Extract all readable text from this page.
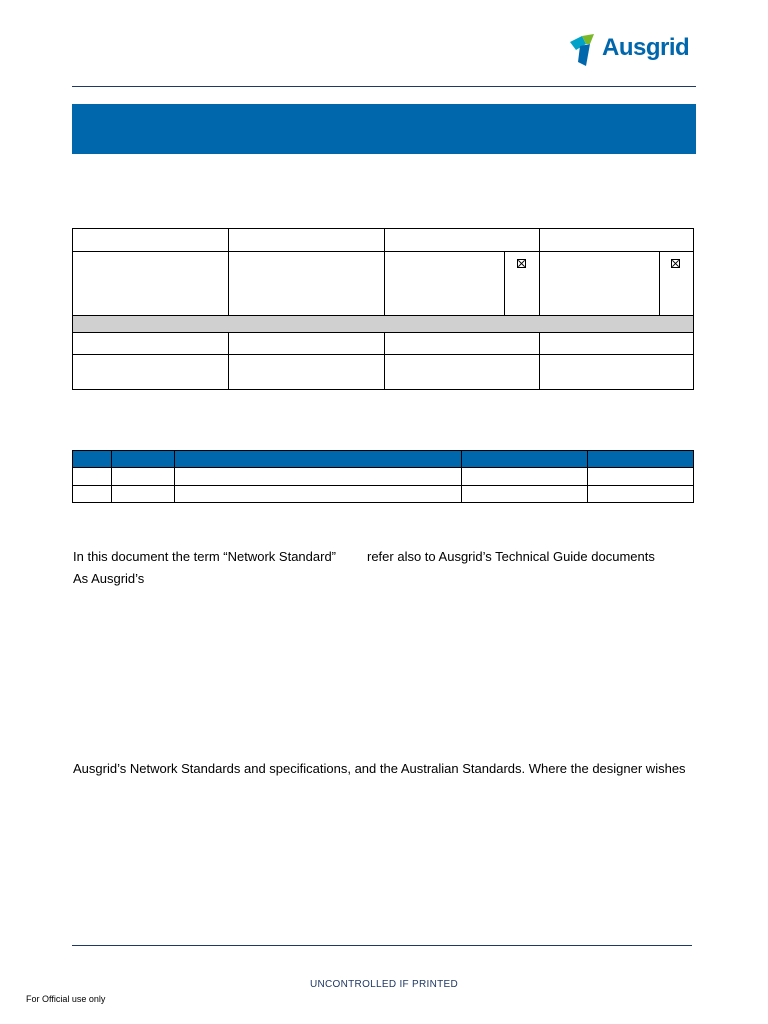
Ausgrid
In this document the term “Network Standard” refer also to Ausgrid’s Technical Guide documents
As Ausgrid’s
Ausgrid’s Network Standards and specifications, and the Australian Standards. Where the designer wishes
UNCONTROLLED IF PRINTED
For Official use only
